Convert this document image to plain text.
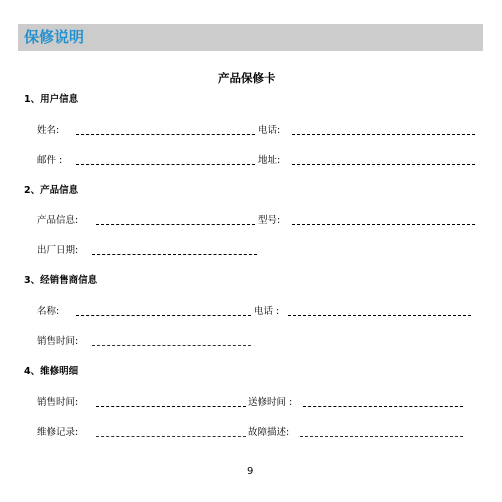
保修说明
产品保修卡
1、用户信息
姓名:	电话:
邮件 :	地址:
2、产品信息
产品信息:	型号:
出厂日期:
3、经销售商信息
名称:	电话 :
销售时间:
4、维修明细
销售时间:	送修时间 :
维修记录:	故障描述:
9
